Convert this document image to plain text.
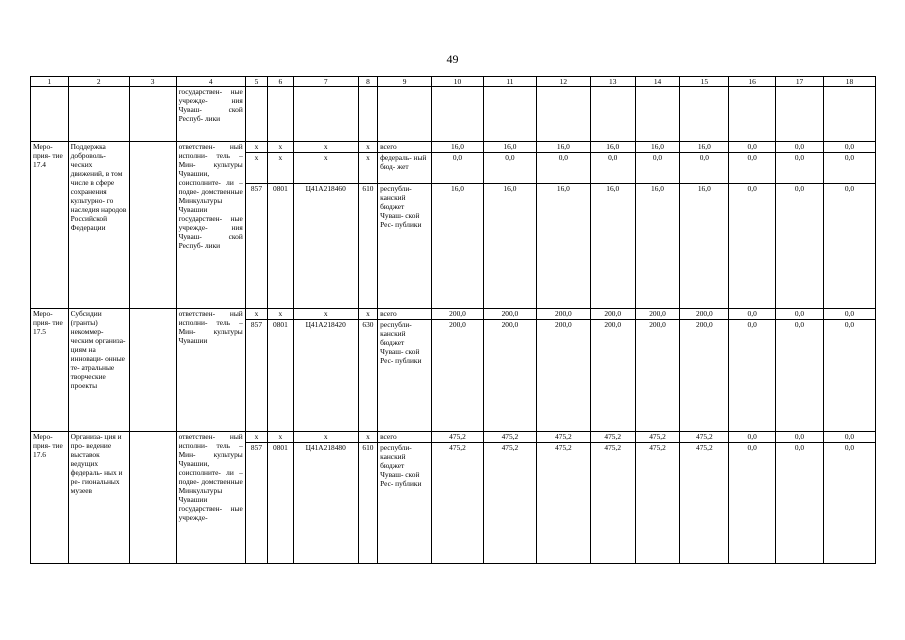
49
1	2	3	4	5	6	7	8	9	10	11	12	13	14	15	16	17	18
			государствен- ные учрежде- ния Чуваш- ской Респуб- лики														
Меро- прия- тие 17.4	Поддержка доброволь- ческих движений, в том числе в сфере сохранения культурно- го наследия народов Российской Федерации		ответствен- ный исполни- тель – Мин- культуры Чувашии, соисполните- ли – подве- домственные Минкультуры Чувашии государствен- ные учрежде- ния Чуваш- ской Респуб- лики	x	x	x	x	всего	16,0	16,0	16,0	16,0	16,0	16,0	0,0	0,0	0,0
				x	x	x	x	федераль- ный бюд- жет	0,0	0,0	0,0	0,0	0,0	0,0	0,0	0,0	0,0
				857	0801	Ц41А218460	610	республи- канский бюджет Чуваш- ской Рес- публики	16,0	16,0	16,0	16,0	16,0	16,0	0,0	0,0	0,0
Меро- прия- тие 17.5	Субсидии (гранты) некоммер- ческим организа- циям на инноваци- онные те- атральные творческие проекты		ответствен- ный исполни- тель – Мин- культуры Чувашии	x	x	x	x	всего	200,0	200,0	200,0	200,0	200,0	200,0	0,0	0,0	0,0
				857	0801	Ц41А218420	630	республи- канский бюджет Чуваш- ской Рес- публики	200,0	200,0	200,0	200,0	200,0	200,0	0,0	0,0	0,0
Меро- прия- тие 17.6	Организа- ция и про- ведение выставок ведущих федераль- ных и ре- гиональных музеев		ответствен- ный исполни- тель – Мин- культуры Чувашии, соисполните- ли – подве- домственные Минкультуры Чувашии государствен- ные учрежде-	x	x	x	x	всего	475,2	475,2	475,2	475,2	475,2	475,2	0,0	0,0	0,0
				857	0801	Ц41А218480	610	республи- канский бюджет Чуваш- ской Рес- публики	475,2	475,2	475,2	475,2	475,2	475,2	0,0	0,0	0,0
